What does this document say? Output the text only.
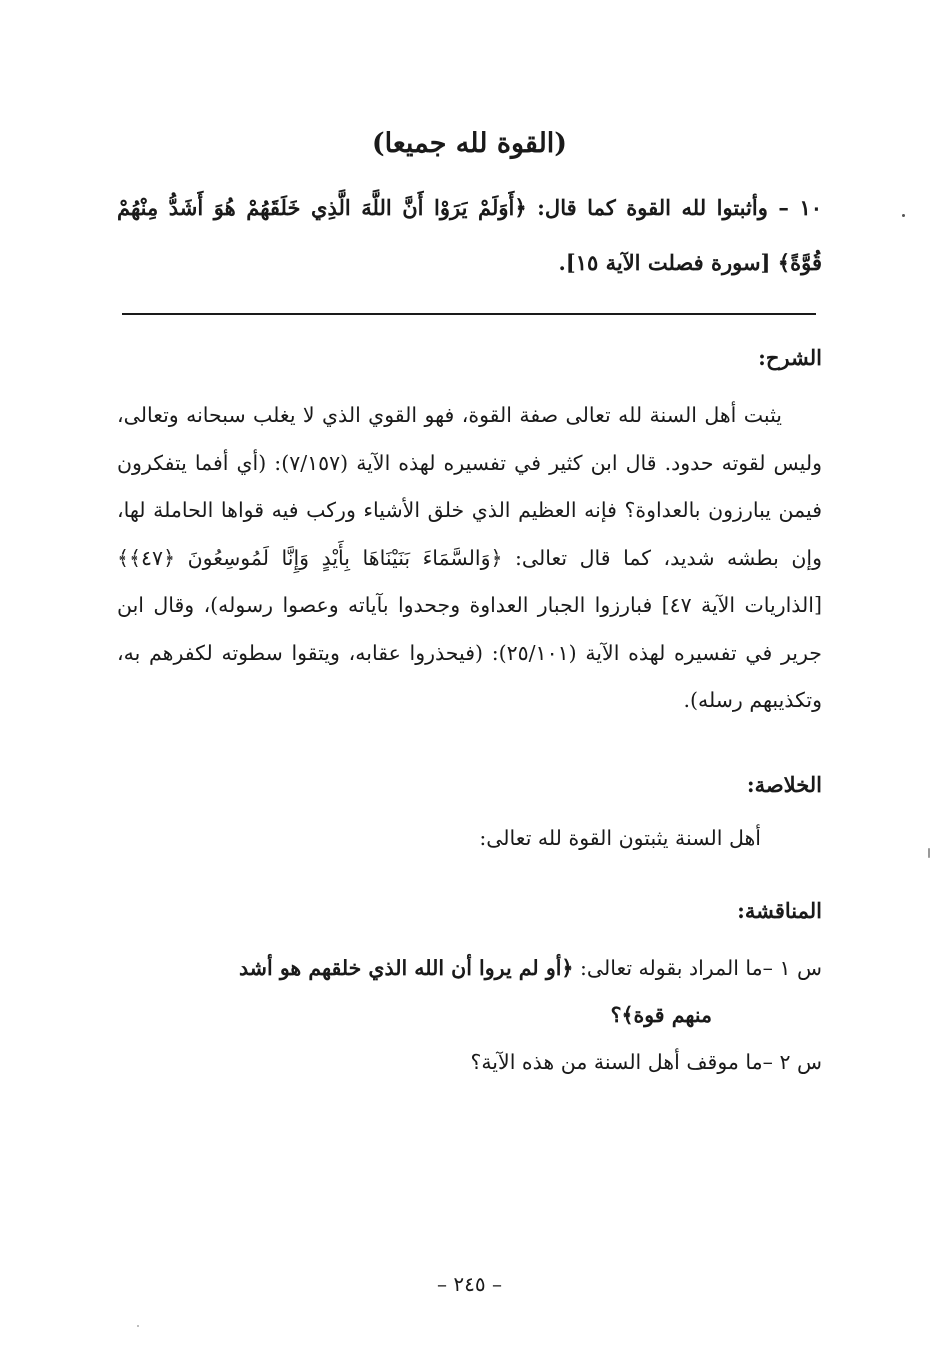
(القوة لله جميعا)
١٠ – وأثبتوا لله القوة كما قال: ﴿أَوَلَمْ يَرَوْا أَنَّ اللَّهَ الَّذِي خَلَقَهُمْ هُوَ أَشَدُّ مِنْهُمْ قُوَّةً﴾ [سورة فصلت الآية ١٥].
الشرح:
يثبت أهل السنة لله تعالى صفة القوة، فهو القوي الذي لا يغلب سبحانه وتعالى، وليس لقوته حدود. قال ابن كثير في تفسيره لهذه الآية (٧/١٥٧): (أي أفما يتفكرون فيمن يبارزون بالعداوة؟ فإنه العظيم الذي خلق الأشياء وركب فيه قواها الحاملة لها، وإن بطشه شديد، كما قال تعالى: ﴿وَالسَّمَاءَ بَنَيْنَاهَا بِأَيْدٍ وَإِنَّا لَمُوسِعُونَ ﴿٤٧﴾﴾ [الذاريات الآية ٤٧] فبارزوا الجبار العداوة وجحدوا بآياته وعصوا رسوله)، وقال ابن جرير في تفسيره لهذه الآية (٢٥/١٠١): (فيحذروا عقابه، ويتقوا سطوته لكفرهم به، وتكذيبهم رسله).
الخلاصة:
أهل السنة يثبتون القوة لله تعالى:
المناقشة:
س ١ –ما المراد بقوله تعالى: ﴿أو لم يروا أن الله الذي خلقهم هو أشد
منهم قوة﴾؟
س ٢ –ما موقف أهل السنة من هذه الآية؟
– ٢٤٥ –
